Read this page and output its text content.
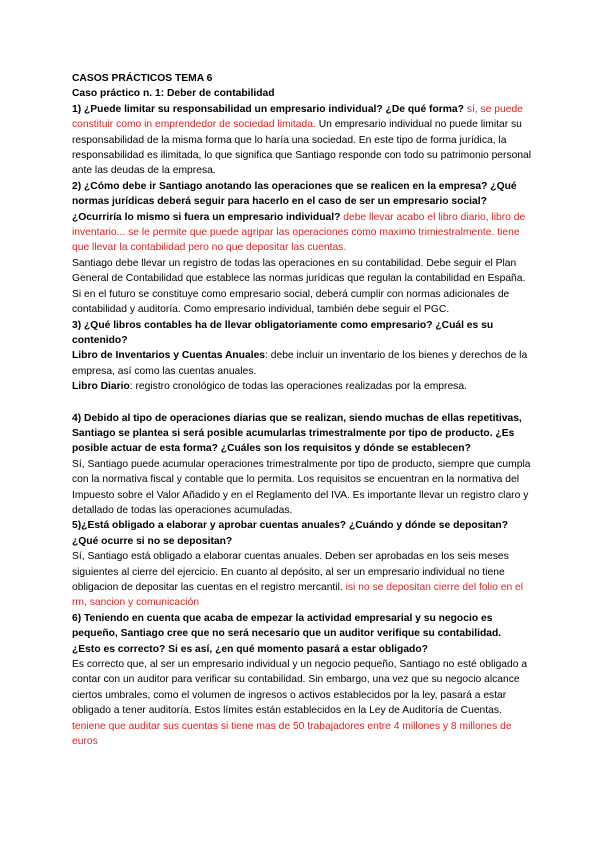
CASOS PRÁCTICOS TEMA 6

Caso práctico n. 1: Deber de contabilidad

1) ¿Puede limitar su responsabilidad un empresario individual? ¿De qué forma? sí, se puede constituir como in emprendedor de sociedad limitada. Un empresario individual no puede limitar su responsabilidad de la misma forma que lo haría una sociedad. En este tipo de forma jurídica, la responsabilidad es ilimitada, lo que significa que Santiago responde con todo su patrimonio personal ante las deudas de la empresa.

2) ¿Cómo debe ir Santiago anotando las operaciones que se realicen en la empresa? ¿Qué normas jurídicas deberá seguir para hacerlo en el caso de ser un empresario social? ¿Ocurriría lo mismo si fuera un empresario individual? debe llevar acabo el libro diario, libro de inventario... se le permite que puede agripar las operaciones como maximo trimiestralmente. tiene que llevar la contabilidad pero no que depositar las cuentas.

Santiago debe llevar un registro de todas las operaciones en su contabilidad. Debe seguir el Plan General de Contabilidad que establece las normas jurídicas que regulan la contabilidad en España. Si en el futuro se constituye como empresario social, deberá cumplir con normas adicionales de contabilidad y auditoría. Como empresario individual, también debe seguir el PGC.

3) ¿Qué libros contables ha de llevar obligatoriamente como empresario? ¿Cuál es su contenido?

Libro de Inventarios y Cuentas Anuales: debe incluir un inventario de los bienes y derechos de la empresa, así como las cuentas anuales.

Libro Diario: registro cronológico de todas las operaciones realizadas por la empresa.

4) Debido al tipo de operaciones diarias que se realizan, siendo muchas de ellas repetitivas, Santiago se plantea si será posible acumularlas trimestralmente por tipo de producto. ¿Es posible actuar de esta forma? ¿Cuáles son los requisitos y dónde se establecen?

Sí, Santiago puede acumular operaciones trimestralmente por tipo de producto, siempre que cumpla con la normativa fiscal y contable que lo permita. Los requisitos se encuentran en la normativa del Impuesto sobre el Valor Añadido y en el Reglamento del IVA. Es importante llevar un registro claro y detallado de todas las operaciones acumuladas.

5)¿Está obligado a elaborar y aprobar cuentas anuales? ¿Cuándo y dónde se depositan? ¿Qué ocurre si no se depositan?

Sí, Santiago está obligado a elaborar cuentas anuales. Deben ser aprobadas en los seis meses siguientes al cierre del ejercicio. En cuanto al depósito, al ser un empresario individual no tiene obligacion de depositar las cuentas en el registro mercantil. isi no se depositan cierre del folio en el rm, sancion y comunicación

6) Teniendo en cuenta que acaba de empezar la actividad empresarial y su negocio es pequeño, Santiago cree que no será necesario que un auditor verifique su contabilidad. ¿Esto es correcto? Si es así, ¿en qué momento pasará a estar obligado?

Es correcto que, al ser un empresario individual y un negocio pequeño, Santiago no esté obligado a contar con un auditor para verificar su contabilidad. Sin embargo, una vez que su negocio alcance ciertos umbrales, como el volumen de ingresos o activos establecidos por la ley, pasará a estar obligado a tener auditoría. Estos límites están establecidos en la Ley de Auditoría de Cuentas. teniene que auditar sus cuentas si tiene mas de 50 trabajadores entre 4 millones y 8 millones de euros
